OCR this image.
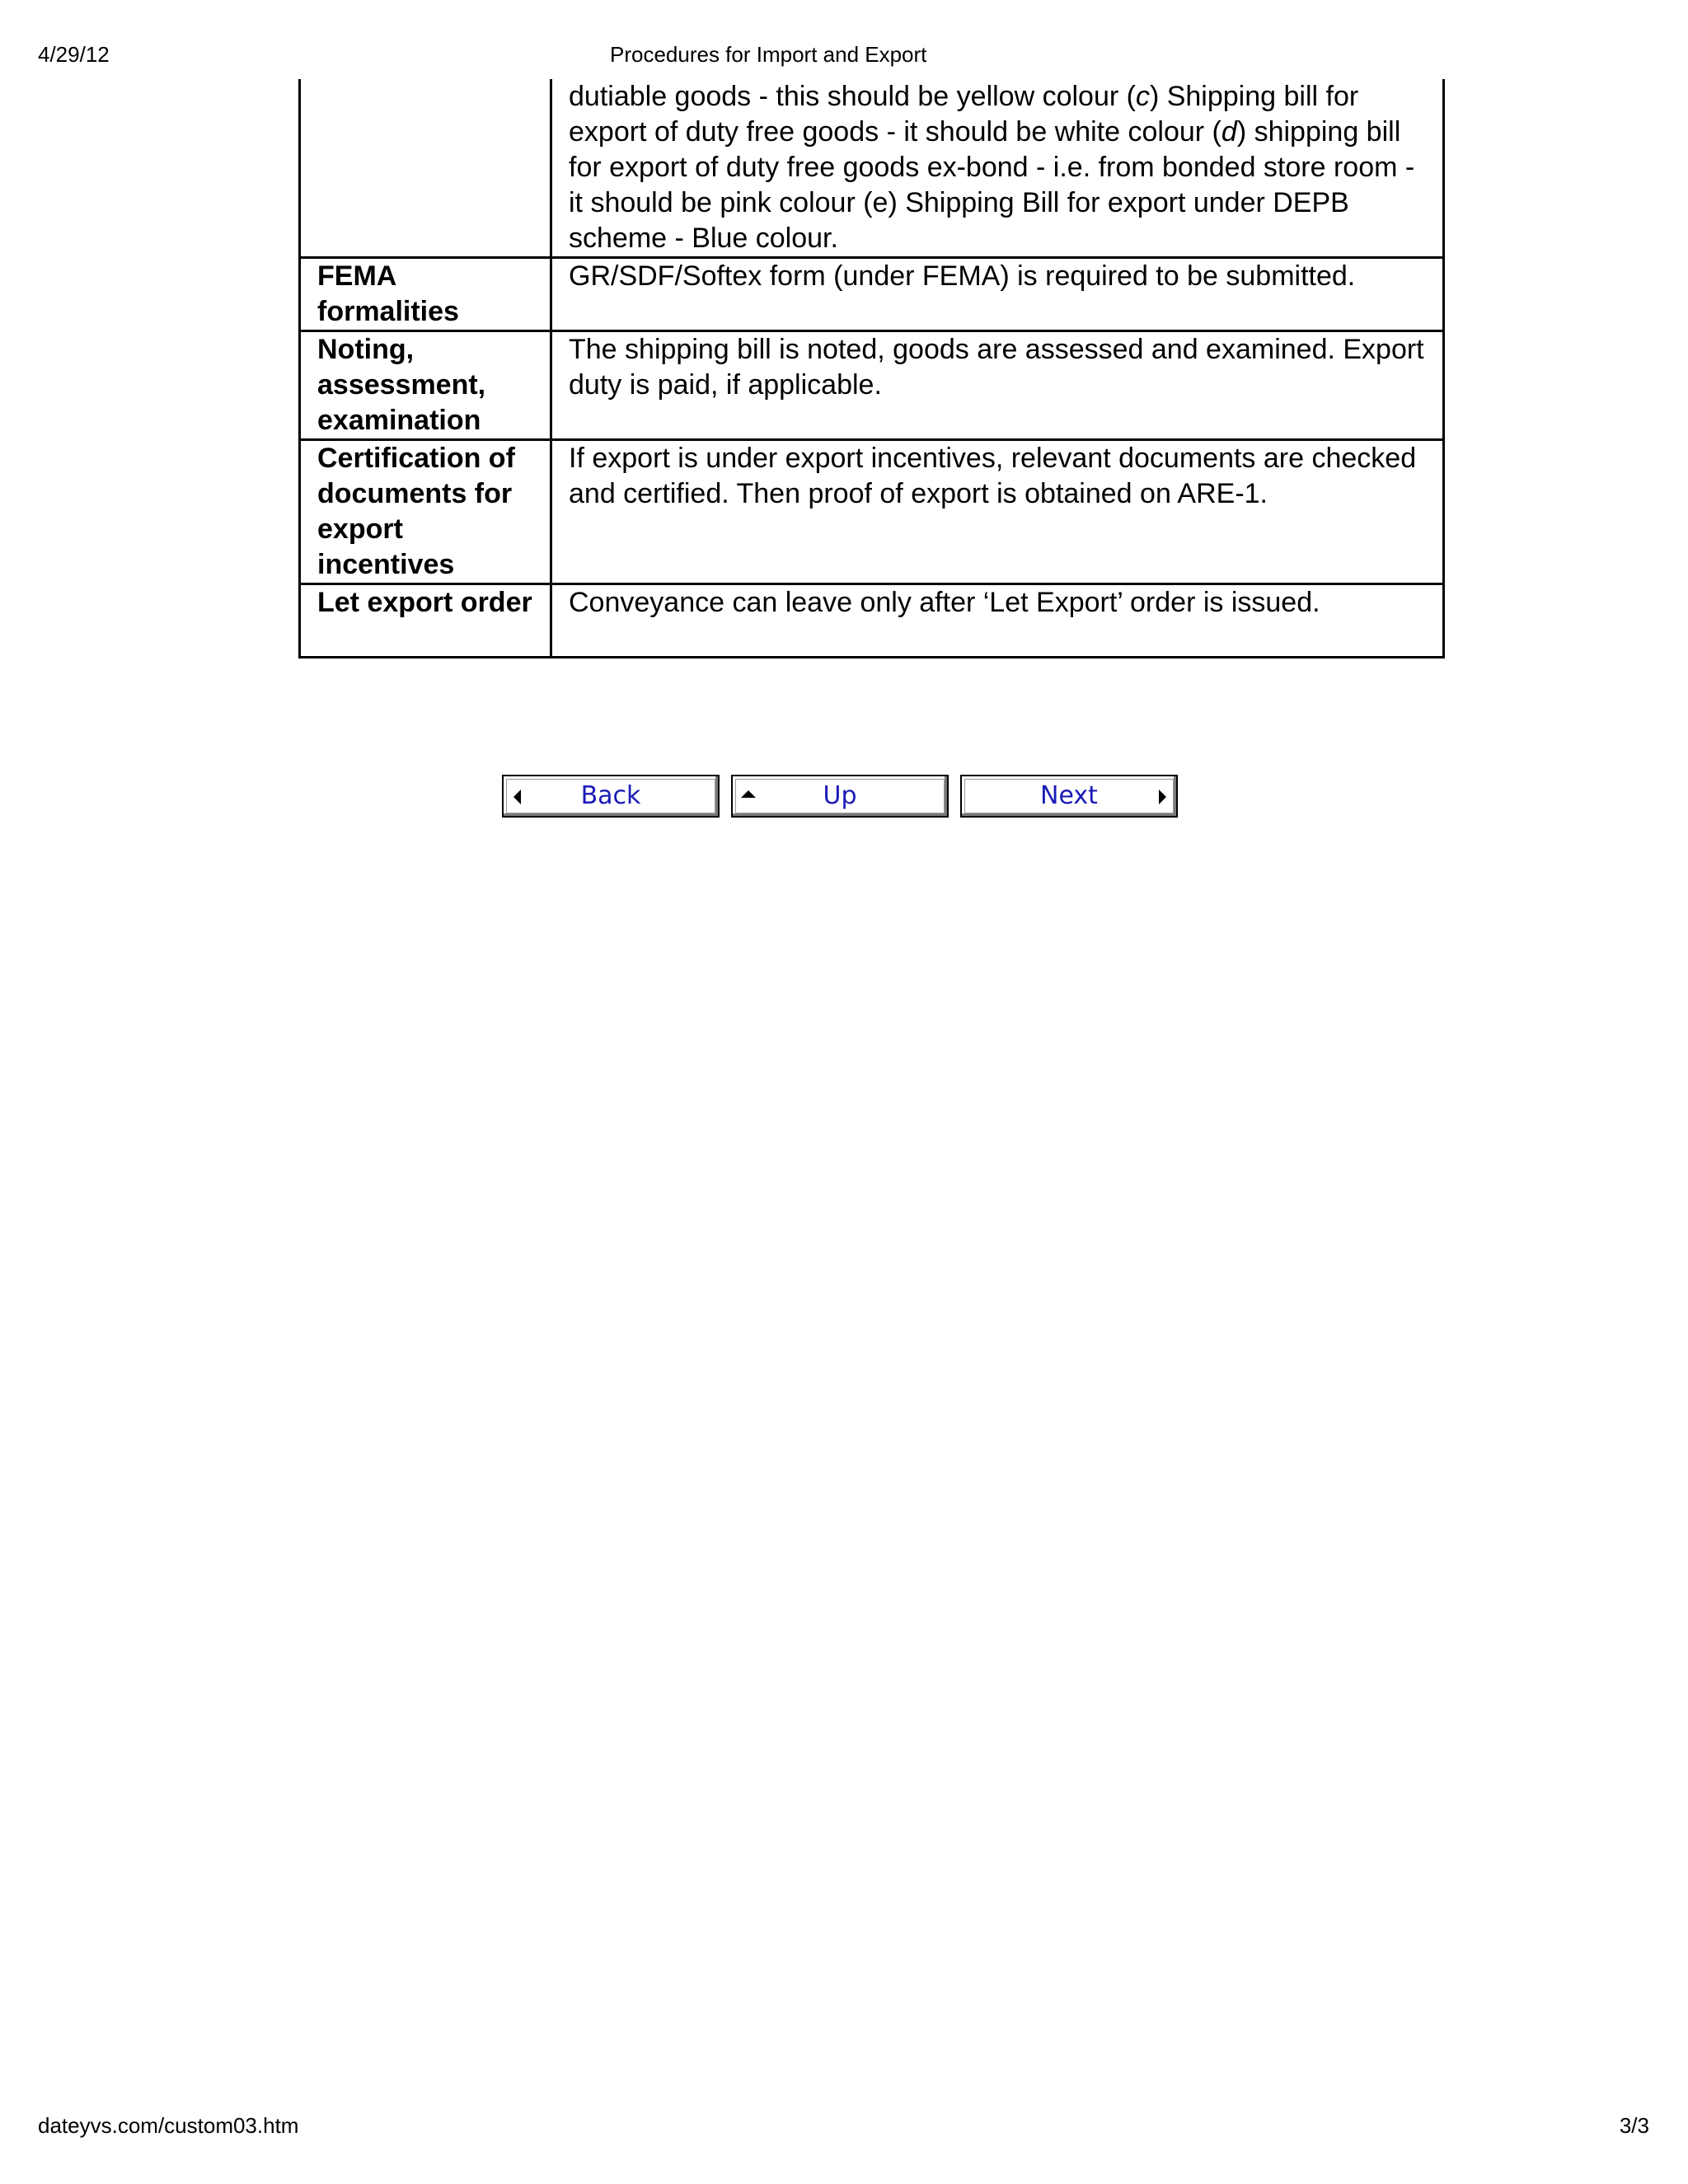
4/29/12	Procedures for Import and Export
	dutiable goods - this should be yellow colour (c) Shipping bill for export of duty free goods - it should be white colour (d) shipping bill for export of duty free goods ex-bond - i.e. from bonded store room - it should be pink colour (e) Shipping Bill for export under DEPB scheme - Blue colour.
FEMA formalities	GR/SDF/Softex form (under FEMA) is required to be submitted.
Noting, assessment, examination	The shipping bill is noted, goods are assessed and examined. Export duty is paid, if applicable.
Certification of documents for export incentives	If export is under export incentives, relevant documents are checked and certified. Then proof of export is obtained on ARE-1.
Let export order	Conveyance can leave only after ‘Let Export’ order is issued.
Back	Up	Next
dateyvs.com/custom03.htm	3/3
